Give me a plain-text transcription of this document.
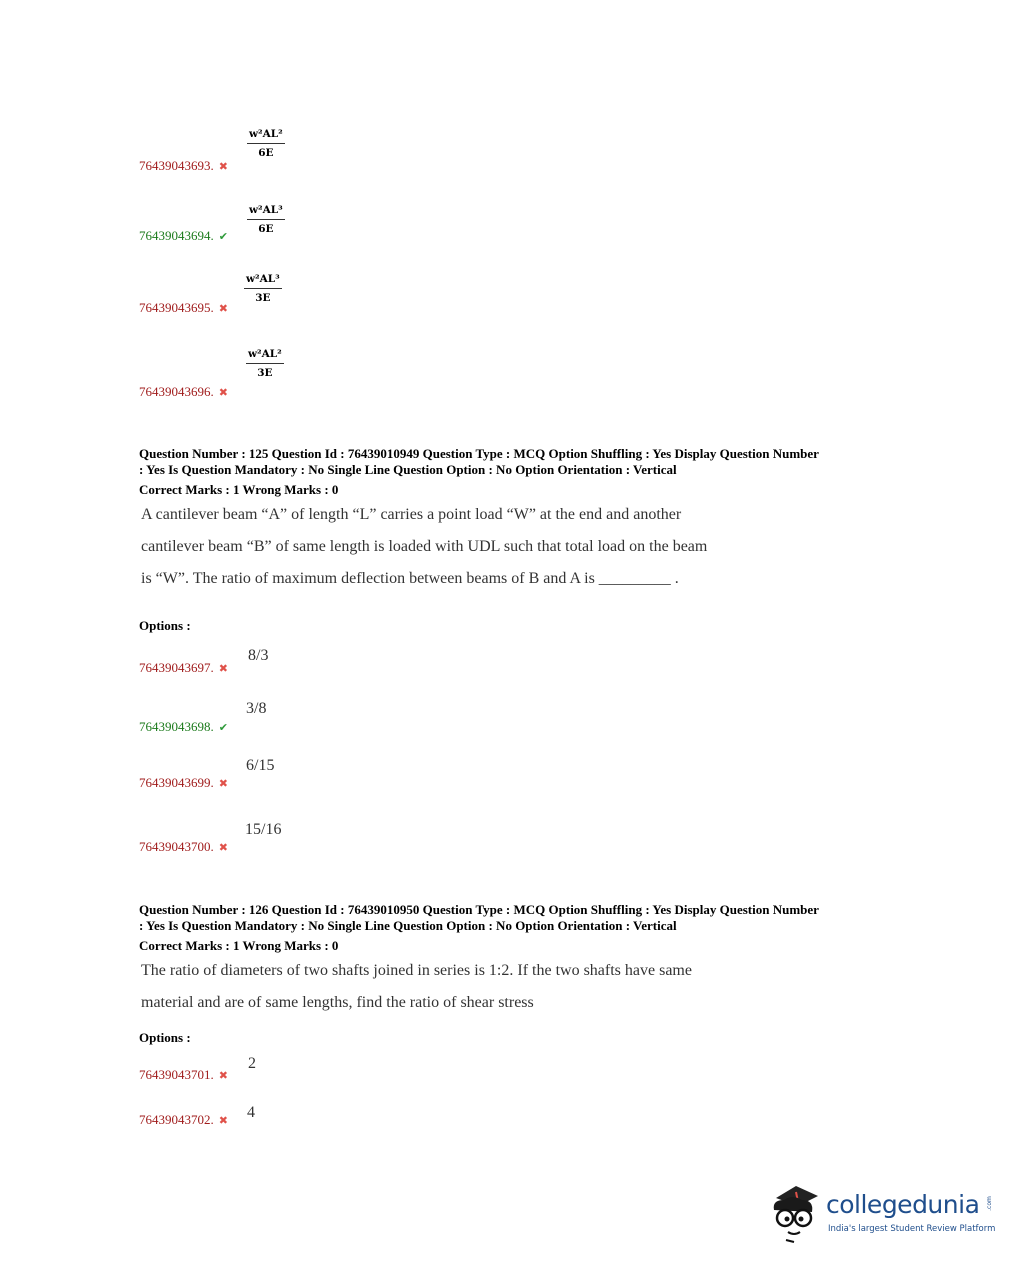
76439043693. ✖
$\frac{\text{w²AL²}}{6E}$
76439043694. ✔
$\frac{\text{w²AL³}}{6E}$
76439043695. ✖
$\frac{\text{w²AL³}}{3E}$
76439043696. ✖
$\frac{\text{w²AL²}}{3E}$
Question Number : 125 Question Id : 76439010949 Question Type : MCQ Option Shuffling : Yes Display Question Number
: Yes Is Question Mandatory : No Single Line Question Option : No Option Orientation : Vertical
Correct Marks : 1 Wrong Marks : 0
A cantilever beam “A” of length “L” carries a point load “W” at the end and another
cantilever beam “B” of same length is loaded with UDL such that total load on the beam
is “W”. The ratio of maximum deflection between beams of B and A is _________ .
Options :
76439043697. ✖
8/3
76439043698. ✔
3/8
76439043699. ✖
6/15
76439043700. ✖
15/16
Question Number : 126 Question Id : 76439010950 Question Type : MCQ Option Shuffling : Yes Display Question Number
: Yes Is Question Mandatory : No Single Line Question Option : No Option Orientation : Vertical
Correct Marks : 1 Wrong Marks : 0
The ratio of diameters of two shafts joined in series is 1:2. If the two shafts have same
material and are of same lengths, find the ratio of shear stress
Options :
76439043701. ✖
2
76439043702. ✖ 4
collegedunia .com
India's largest Student Review Platform
